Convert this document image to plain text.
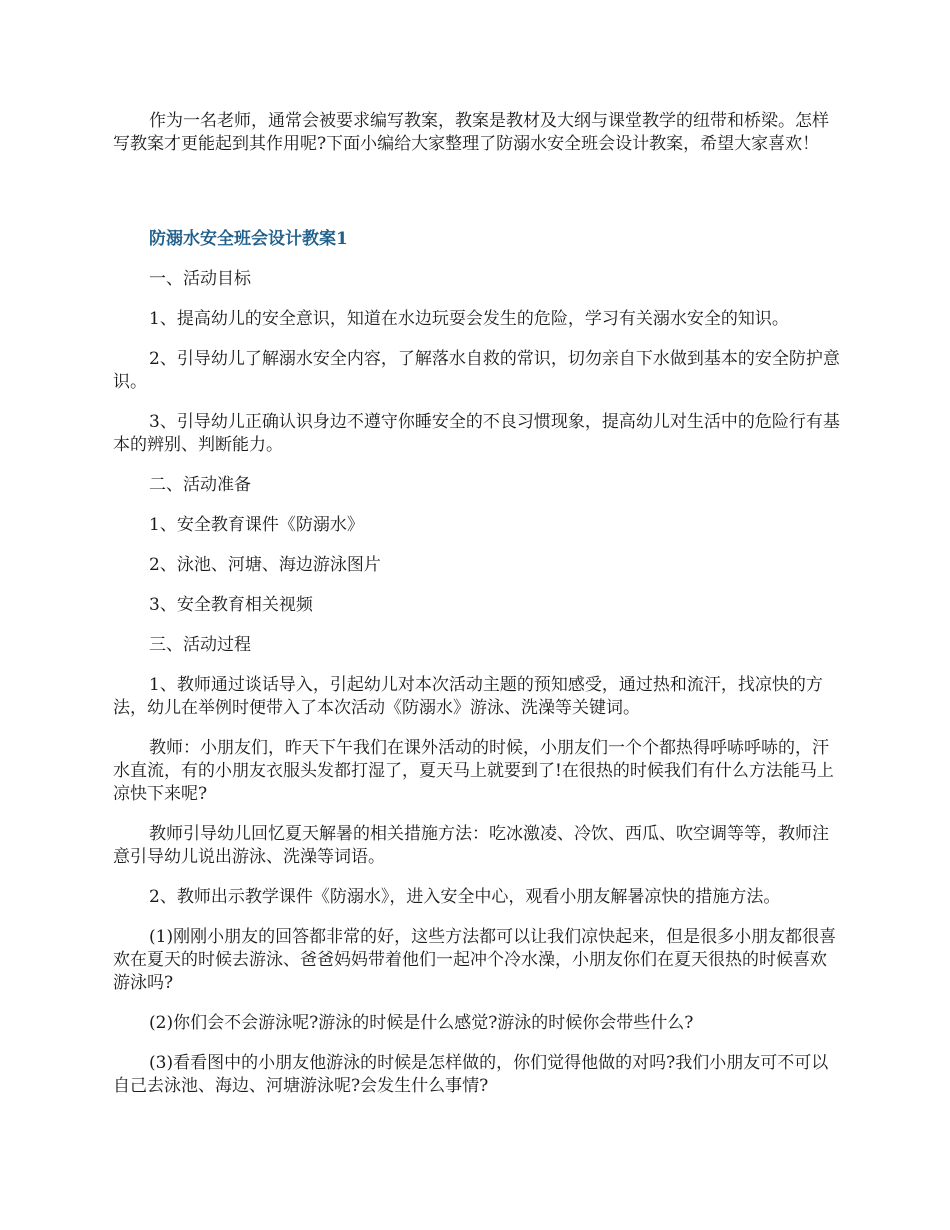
作为一名老师，通常会被要求编写教案，教案是教材及大纲与课堂教学的纽带和桥梁。怎样写教案才更能起到其作用呢?下面小编给大家整理了防溺水安全班会设计教案，希望大家喜欢！

防溺水安全班会设计教案1

一、活动目标

1、提高幼儿的安全意识，知道在水边玩耍会发生的危险，学习有关溺水安全的知识。

2、引导幼儿了解溺水安全内容，了解落水自救的常识，切勿亲自下水做到基本的安全防护意识。

3、引导幼儿正确认识身边不遵守你睡安全的不良习惯现象，提高幼儿对生活中的危险行有基本的辨别、判断能力。

二、活动准备

1、安全教育课件《防溺水》

2、泳池、河塘、海边游泳图片

3、安全教育相关视频

三、活动过程

1、教师通过谈话导入，引起幼儿对本次活动主题的预知感受，通过热和流汗，找凉快的方法，幼儿在举例时便带入了本次活动《防溺水》游泳、洗澡等关键词。

教师：小朋友们，昨天下午我们在课外活动的时候，小朋友们一个个都热得呼哧呼哧的，汗水直流，有的小朋友衣服头发都打湿了，夏天马上就要到了!在很热的时候我们有什么方法能马上凉快下来呢?

教师引导幼儿回忆夏天解暑的相关措施方法：吃冰激凌、冷饮、西瓜、吹空调等等，教师注意引导幼儿说出游泳、洗澡等词语。

2、教师出示教学课件《防溺水》，进入安全中心，观看小朋友解暑凉快的措施方法。

(1)刚刚小朋友的回答都非常的好，这些方法都可以让我们凉快起来，但是很多小朋友都很喜欢在夏天的时候去游泳、爸爸妈妈带着他们一起冲个冷水澡，小朋友你们在夏天很热的时候喜欢游泳吗?

(2)你们会不会游泳呢?游泳的时候是什么感觉?游泳的时候你会带些什么?

(3)看看图中的小朋友他游泳的时候是怎样做的，你们觉得他做的对吗?我们小朋友可不可以自己去泳池、海边、河塘游泳呢?会发生什么事情?
